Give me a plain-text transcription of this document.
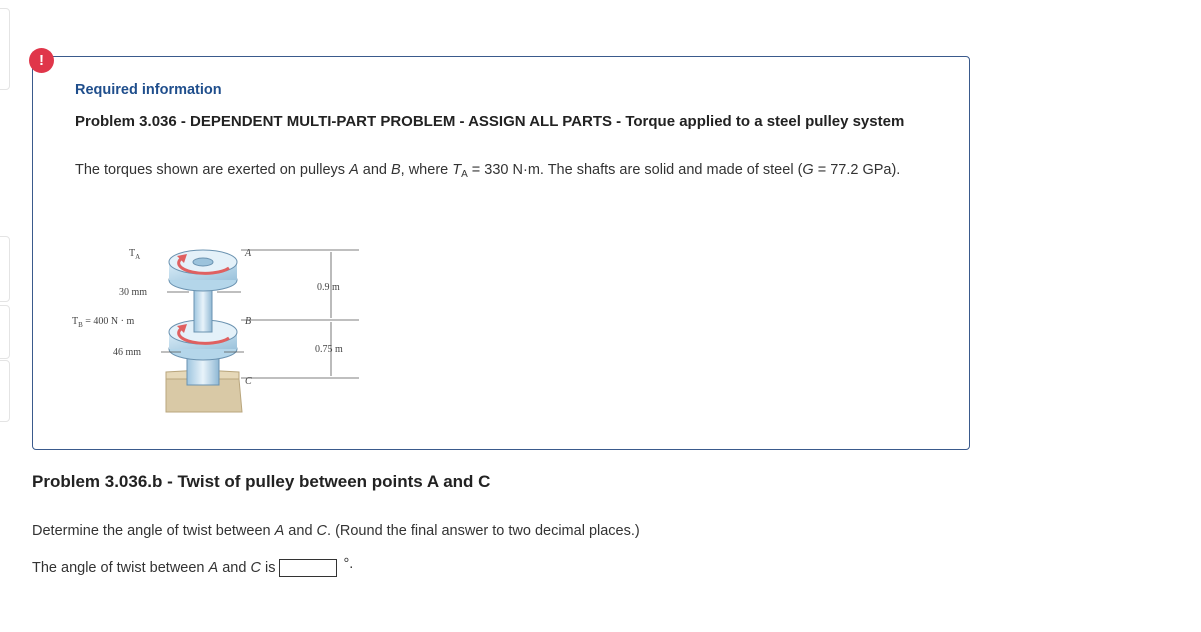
Required information
Problem 3.036 - DEPENDENT MULTI-PART PROBLEM - ASSIGN ALL PARTS - Torque applied to a steel pulley system
The torques shown are exerted on pulleys A and B, where $T_A = 330$ N·m. The shafts are solid and made of steel (G = 77.2 GPa).
$T_A$
30 mm
$T_B = 400$ N · m
46 mm
A
B
C
0.9 m
0.75 m
!
Problem 3.036.b - Twist of pulley between points A and C
Determine the angle of twist between A and C. (Round the final answer to two decimal places.)
The angle of twist between A and C is	°.
